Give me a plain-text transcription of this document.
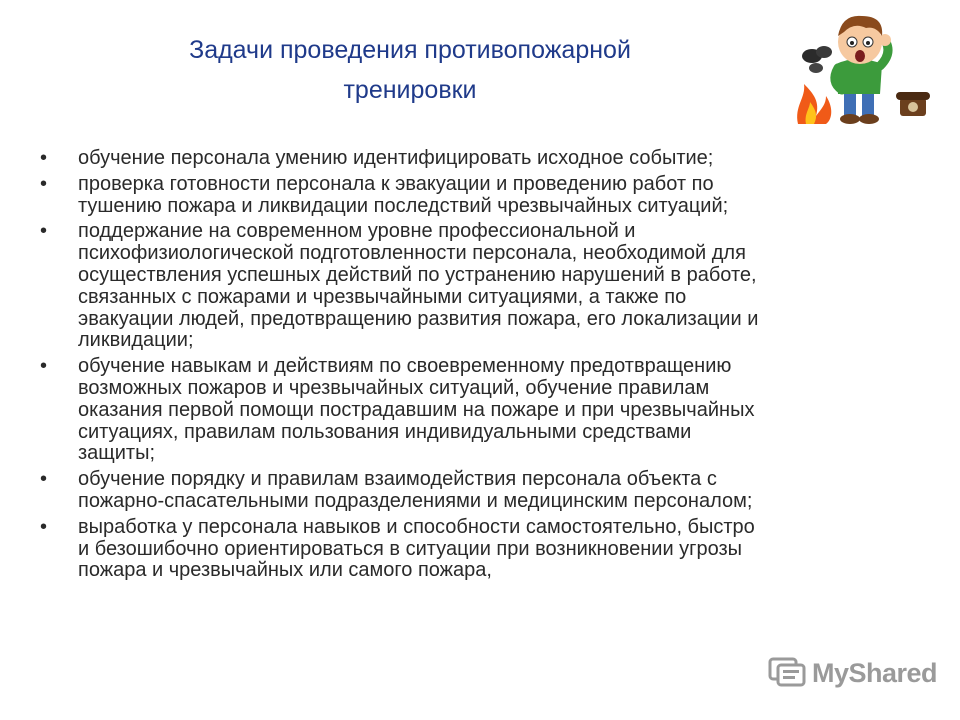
Задачи проведения противопожарной
тренировки
• обучение персонала умению идентифицировать исходное событие;
• проверка готовности персонала к эвакуации и проведению работ по
тушению пожара и ликвидации последствий чрезвычайных ситуаций;
• поддержание на современном уровне профессиональной и
психофизиологической подготовленности персонала, необходимой для
осуществления успешных действий по устранению нарушений в работе,
связанных с пожарами и чрезвычайными ситуациями, а также по
эвакуации людей, предотвращению развития пожара, его локализации и
ликвидации;
• обучение навыкам и действиям по своевременному предотвращению
возможных пожаров и чрезвычайных ситуаций, обучение правилам
оказания первой помощи пострадавшим на пожаре и при чрезвычайных
ситуациях, правилам пользования индивидуальными средствами
защиты;
• обучение порядку и правилам взаимодействия персонала объекта с
пожарно-спасательными подразделениями и медицинским персоналом;
• выработка у персонала навыков и способности самостоятельно, быстро
и безошибочно ориентироваться в ситуации при возникновении угрозы
пожара и чрезвычайных или самого пожара,
MyShared
